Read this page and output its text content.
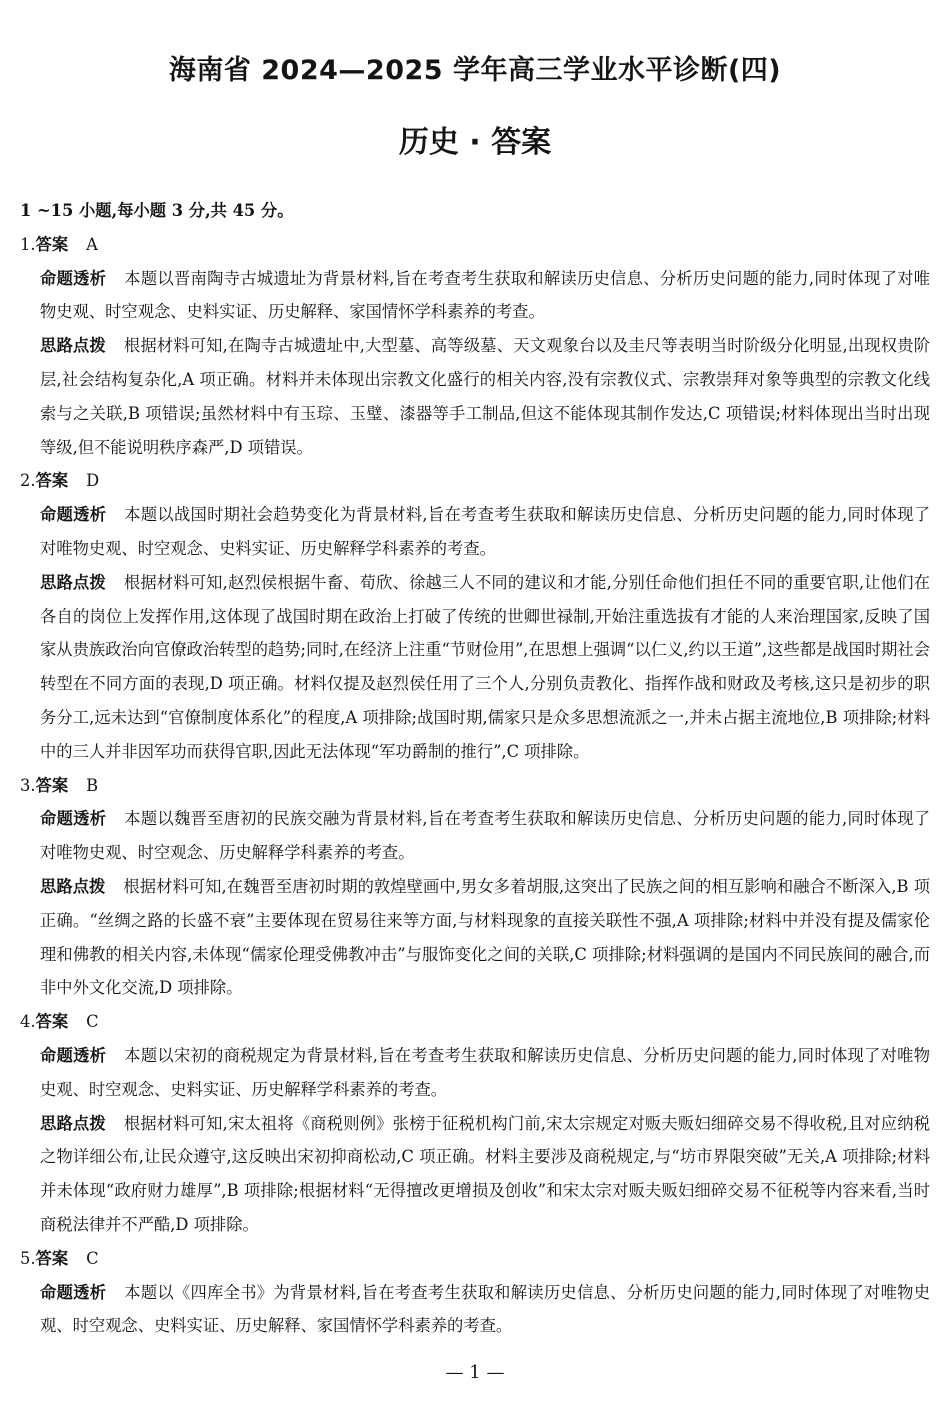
海南省 2024—2025 学年高三学业水平诊断(四)
历史 · 答案

1 ~15 小题,每小题 3 分,共 45 分。

1.答案 A

命题透析 本题以晋南陶寺古城遗址为背景材料,旨在考查考生获取和解读历史信息、分析历史问题的能力,同时体现了对唯物史观、时空观念、史料实证、历史解释、家国情怀学科素养的考查。

思路点拨 根据材料可知,在陶寺古城遗址中,大型墓、高等级墓、天文观象台以及圭尺等表明当时阶级分化明显,出现权贵阶层,社会结构复杂化,A 项正确。材料并未体现出宗教文化盛行的相关内容,没有宗教仪式、宗教崇拜对象等典型的宗教文化线索与之关联,B 项错误;虽然材料中有玉琮、玉璧、漆器等手工制品,但这不能体现其制作发达,C 项错误;材料体现出当时出现等级,但不能说明秩序森严,D 项错误。

2.答案 D

命题透析 本题以战国时期社会趋势变化为背景材料,旨在考查考生获取和解读历史信息、分析历史问题的能力,同时体现了对唯物史观、时空观念、史料实证、历史解释学科素养的考查。

思路点拨 根据材料可知,赵烈侯根据牛畜、荀欣、徐越三人不同的建议和才能,分别任命他们担任不同的重要官职,让他们在各自的岗位上发挥作用,这体现了战国时期在政治上打破了传统的世卿世禄制,开始注重选拔有才能的人来治理国家,反映了国家从贵族政治向官僚政治转型的趋势;同时,在经济上注重“节财俭用”,在思想上强调“以仁义,约以王道”,这些都是战国时期社会转型在不同方面的表现,D 项正确。材料仅提及赵烈侯任用了三个人,分别负责教化、指挥作战和财政及考核,这只是初步的职务分工,远未达到“官僚制度体系化”的程度,A 项排除;战国时期,儒家只是众多思想流派之一,并未占据主流地位,B 项排除;材料中的三人并非因军功而获得官职,因此无法体现“军功爵制的推行”,C 项排除。

3.答案 B

命题透析 本题以魏晋至唐初的民族交融为背景材料,旨在考查考生获取和解读历史信息、分析历史问题的能力,同时体现了对唯物史观、时空观念、历史解释学科素养的考查。

思路点拨 根据材料可知,在魏晋至唐初时期的敦煌壁画中,男女多着胡服,这突出了民族之间的相互影响和融合不断深入,B 项正确。“丝绸之路的长盛不衰”主要体现在贸易往来等方面,与材料现象的直接关联性不强,A 项排除;材料中并没有提及儒家伦理和佛教的相关内容,未体现“儒家伦理受佛教冲击”与服饰变化之间的关联,C 项排除;材料强调的是国内不同民族间的融合,而非中外文化交流,D 项排除。

4.答案 C

命题透析 本题以宋初的商税规定为背景材料,旨在考查考生获取和解读历史信息、分析历史问题的能力,同时体现了对唯物史观、时空观念、史料实证、历史解释学科素养的考查。

思路点拨 根据材料可知,宋太祖将《商税则例》张榜于征税机构门前,宋太宗规定对贩夫贩妇细碎交易不得收税,且对应纳税之物详细公布,让民众遵守,这反映出宋初抑商松动,C 项正确。材料主要涉及商税规定,与“坊市界限突破”无关,A 项排除;材料并未体现“政府财力雄厚”,B 项排除;根据材料“无得擅改更增损及创收”和宋太宗对贩夫贩妇细碎交易不征税等内容来看,当时商税法律并不严酷,D 项排除。

5.答案 C

命题透析 本题以《四库全书》为背景材料,旨在考查考生获取和解读历史信息、分析历史问题的能力,同时体现了对唯物史观、时空观念、史料实证、历史解释、家国情怀学科素养的考查。

— 1 —
